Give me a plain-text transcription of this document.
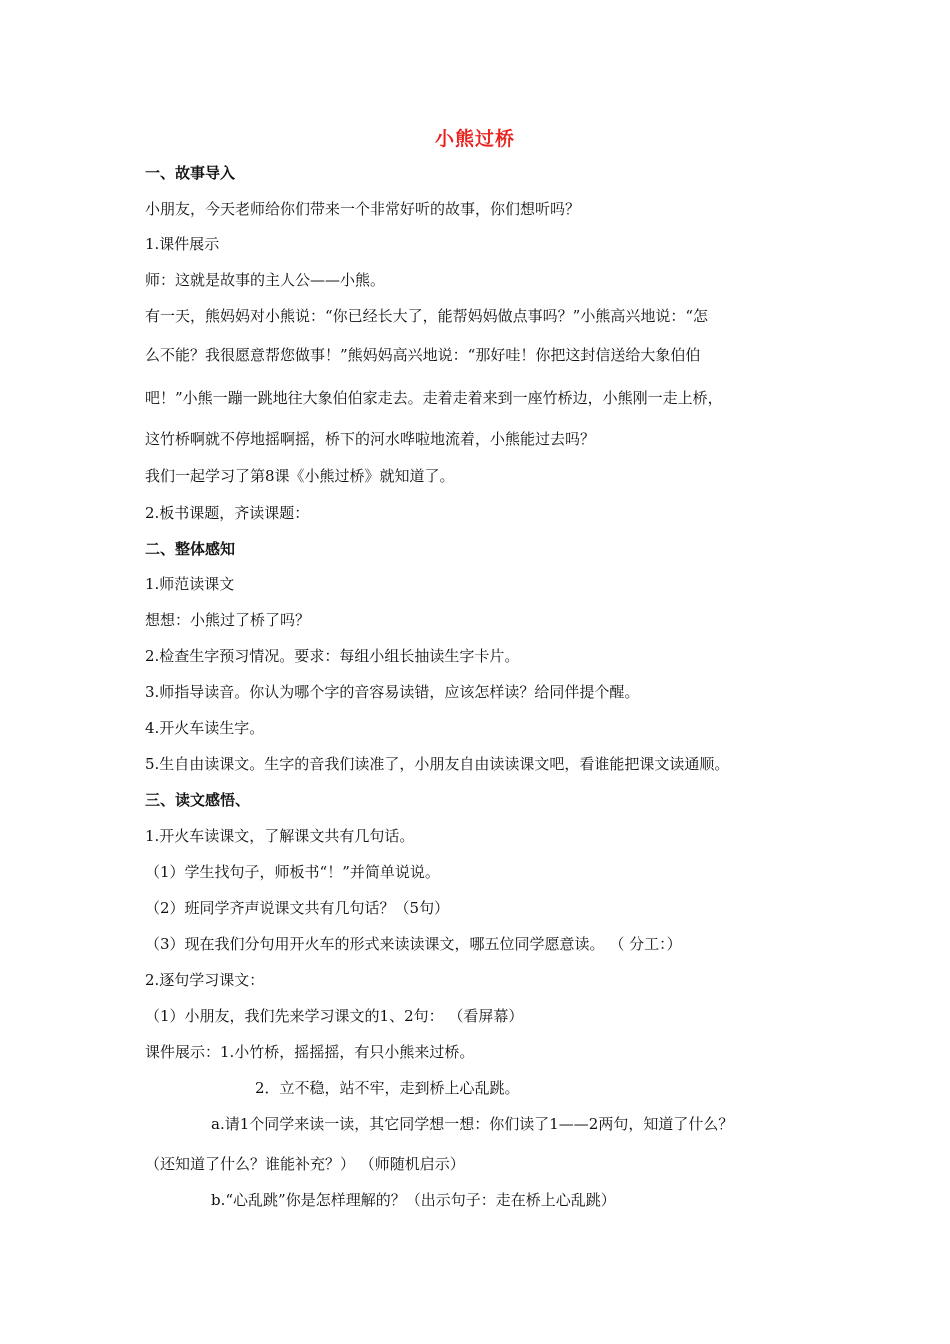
小熊过桥
一、故事导入
小朋友，今天老师给你们带来一个非常好听的故事，你们想听吗？
1.课件展示
师：这就是故事的主人公——小熊。
有一天，熊妈妈对小熊说：“你已经长大了，能帮妈妈做点事吗？”小熊高兴地说：“怎
么不能？我很愿意帮您做事！”熊妈妈高兴地说：“那好哇！你把这封信送给大象伯伯
吧！”小熊一蹦一跳地往大象伯伯家走去。走着走着来到一座竹桥边，小熊刚一走上桥，
这竹桥啊就不停地摇啊摇，桥下的河水哗啦地流着，小熊能过去吗？
我们一起学习了第8课《小熊过桥》就知道了。
2.板书课题，齐读课题：
二、整体感知
1.师范读课文
想想：小熊过了桥了吗？
2.检查生字预习情况。要求：每组小组长抽读生字卡片。
3.师指导读音。你认为哪个字的音容易读错，应该怎样读？给同伴提个醒。
4.开火车读生字。
5.生自由读课文。生字的音我们读准了，小朋友自由读读课文吧，看谁能把课文读通顺。
三、读文感悟、
1.开火车读课文，了解课文共有几句话。
（1）学生找句子，师板书“！”并简单说说。
（2）班同学齐声说课文共有几句话？（5句）
（3）现在我们分句用开火车的形式来读读课文，哪五位同学愿意读。 （ 分工：）
2.逐句学习课文：
（1）小朋友，我们先来学习课文的1、2句： （看屏幕）
课件展示：1.小竹桥，摇摇摇，有只小熊来过桥。
2．立不稳，站不牢，走到桥上心乱跳。
a.请1个同学来读一读，其它同学想一想：你们读了1——2两句，知道了什么？
（还知道了什么？谁能补充？） （师随机启示）
b.“心乱跳”你是怎样理解的？（出示句子：走在桥上心乱跳）
